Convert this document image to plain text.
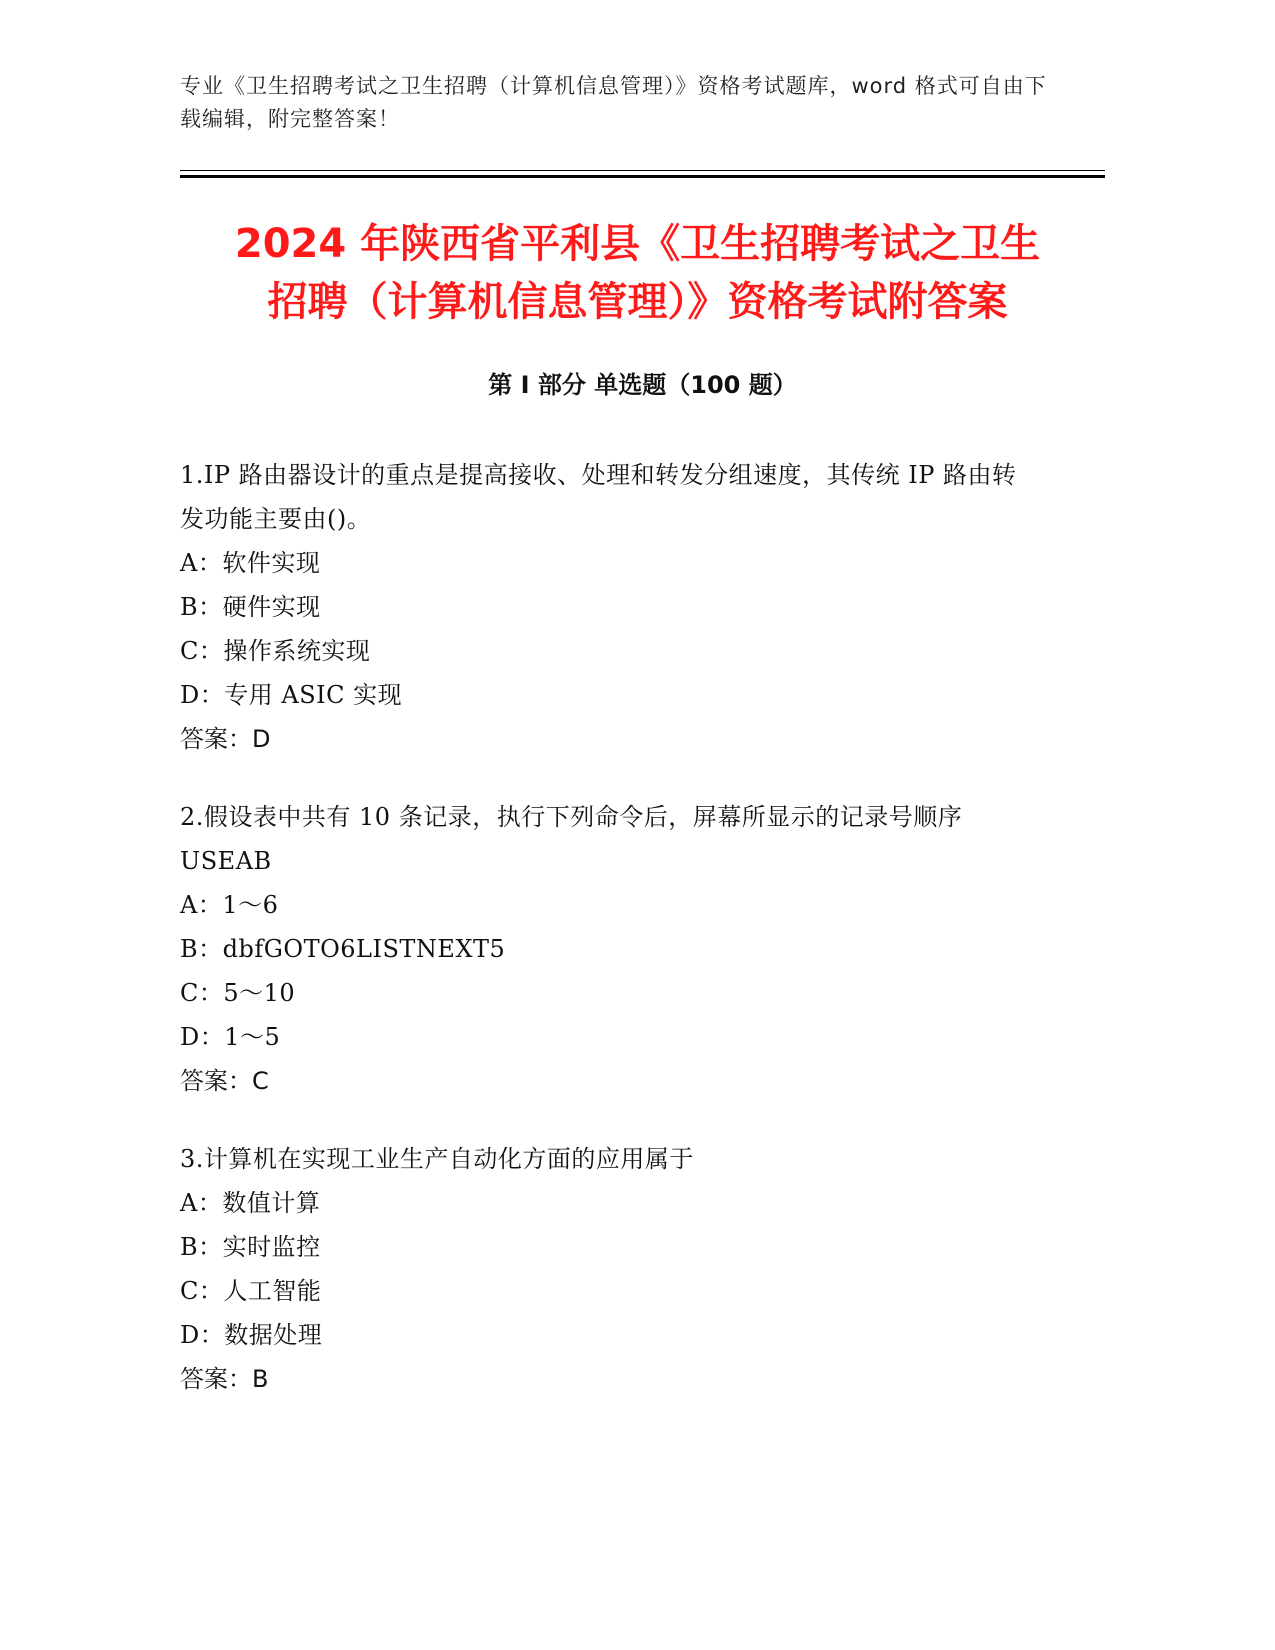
专业《卫生招聘考试之卫生招聘（计算机信息管理）》资格考试题库，word 格式可自由下载编辑，附完整答案！
2024 年陕西省平利县《卫生招聘考试之卫生
招聘（计算机信息管理）》资格考试附答案
第 I 部分 单选题（100 题）

1.IP 路由器设计的重点是提高接收、处理和转发分组速度，其传统 IP 路由转发功能主要由()。

A：软件实现

B：硬件实现

C：操作系统实现

D：专用 ASIC 实现

答案：D

2.假设表中共有 10 条记录，执行下列命令后，屏幕所显示的记录号顺序 USEAB

A：1～6

B：dbfGOTO6LISTNEXT5

C：5～10

D：1～5

答案：C

3.计算机在实现工业生产自动化方面的应用属于

A：数值计算

B：实时监控

C：人工智能

D：数据处理

答案：B
